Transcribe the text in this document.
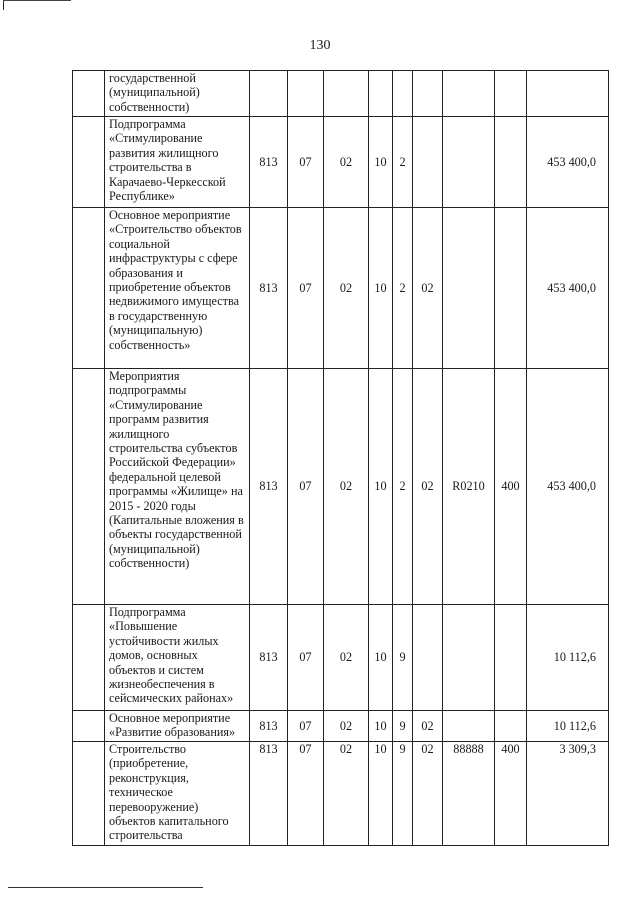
130
	государственной (муниципальной) собственности)									
	Подпрограмма «Стимулирование развития жилищного строительства в Карачаево-Черкесской Республике»	813	07	02	10	2				453 400,0
	Основное мероприятие «Строительство объектов социальной инфраструктуры с сфере образования и приобретение объектов недвижимого имущества в государственную (муниципальную) собственность»	813	07	02	10	2	02			453 400,0
	Мероприятия подпрограммы «Стимулирование программ развития жилищного строительства субъектов Российской Федерации» федеральной целевой программы «Жилище» на 2015 - 2020 годы (Капитальные вложения в объекты государственной (муниципальной) собственности)	813	07	02	10	2	02	R0210	400	453 400,0
	Подпрограмма «Повышение устойчивости жилых домов, основных объектов и систем жизнеобеспечения в сейсмических районах»	813	07	02	10	9				10 112,6
	Основное мероприятие «Развитие образования»	813	07	02	10	9	02			10 112,6
	Строительство (приобретение, реконструкция, техническое перевооружение) объектов капитального строительства	813	07	02	10	9	02	88888	400	3 309,3
